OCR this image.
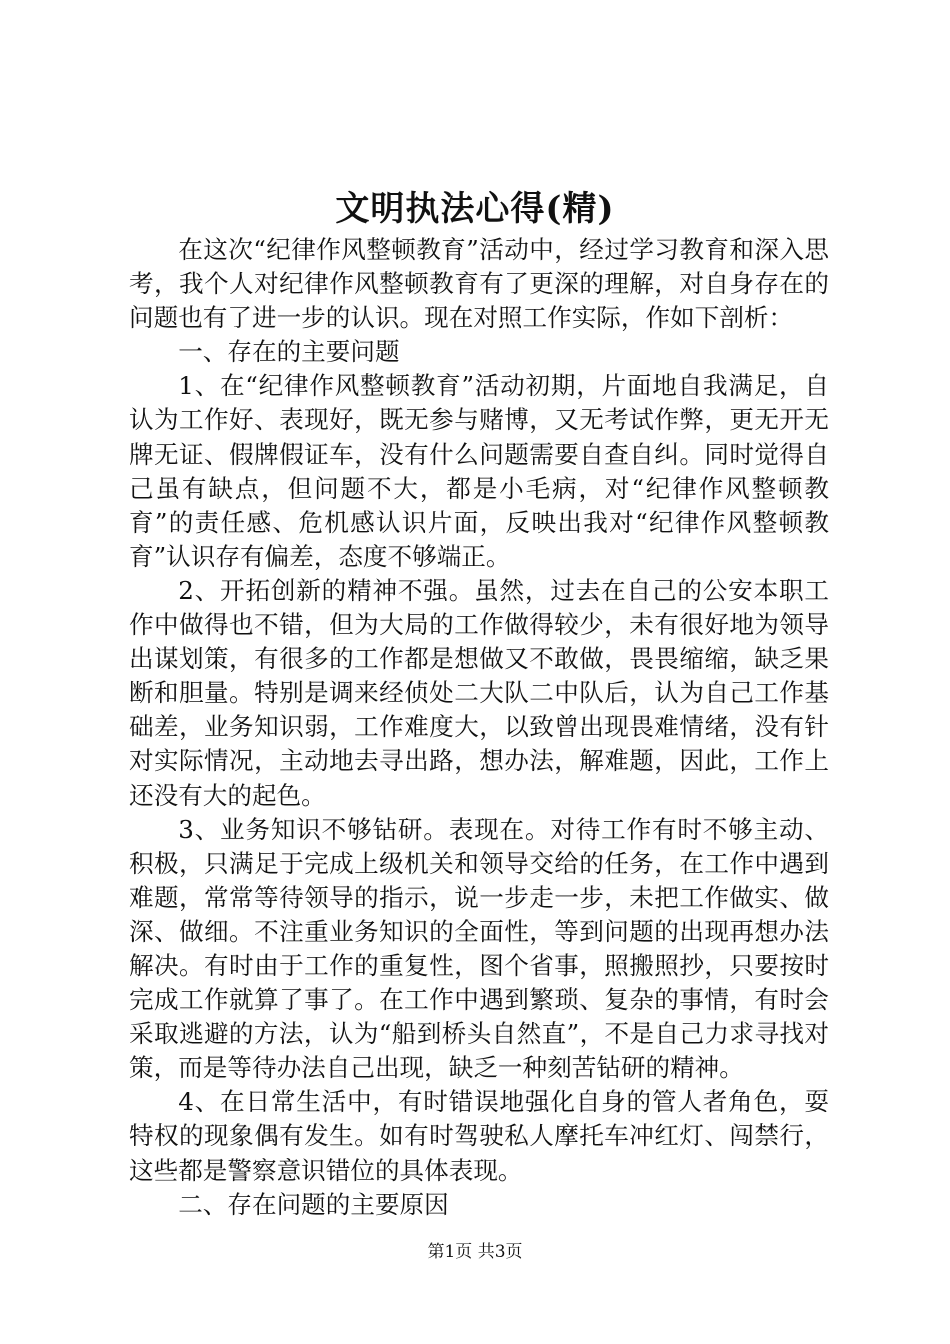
文明执法心得(精)

在这次“纪律作风整顿教育”活动中，经过学习教育和深入思考，我个人对纪律作风整顿教育有了更深的理解，对自身存在的问题也有了进一步的认识。现在对照工作实际，作如下剖析：

一、存在的主要问题

1、在“纪律作风整顿教育”活动初期，片面地自我满足，自认为工作好、表现好，既无参与赌博，又无考试作弊，更无开无牌无证、假牌假证车，没有什么问题需要自查自纠。同时觉得自己虽有缺点，但问题不大，都是小毛病，对“纪律作风整顿教育”的责任感、危机感认识片面，反映出我对“纪律作风整顿教育”认识存有偏差，态度不够端正。

2、开拓创新的精神不强。虽然，过去在自己的公安本职工作中做得也不错，但为大局的工作做得较少，未有很好地为领导出谋划策，有很多的工作都是想做又不敢做，畏畏缩缩，缺乏果断和胆量。特别是调来经侦处二大队二中队后，认为自己工作基础差，业务知识弱，工作难度大，以致曾出现畏难情绪，没有针对实际情况，主动地去寻出路，想办法，解难题，因此，工作上还没有大的起色。

3、业务知识不够钻研。表现在。对待工作有时不够主动、积极，只满足于完成上级机关和领导交给的任务，在工作中遇到难题，常常等待领导的指示，说一步走一步，未把工作做实、做深、做细。不注重业务知识的全面性，等到问题的出现再想办法解决。有时由于工作的重复性，图个省事，照搬照抄，只要按时完成工作就算了事了。在工作中遇到繁琐、复杂的事情，有时会采取逃避的方法，认为“船到桥头自然直”，不是自己力求寻找对策，而是等待办法自己出现，缺乏一种刻苦钻研的精神。

4、在日常生活中，有时错误地强化自身的管人者角色，耍特权的现象偶有发生。如有时驾驶私人摩托车冲红灯、闯禁行，这些都是警察意识错位的具体表现。

二、存在问题的主要原因

第1页 共3页
